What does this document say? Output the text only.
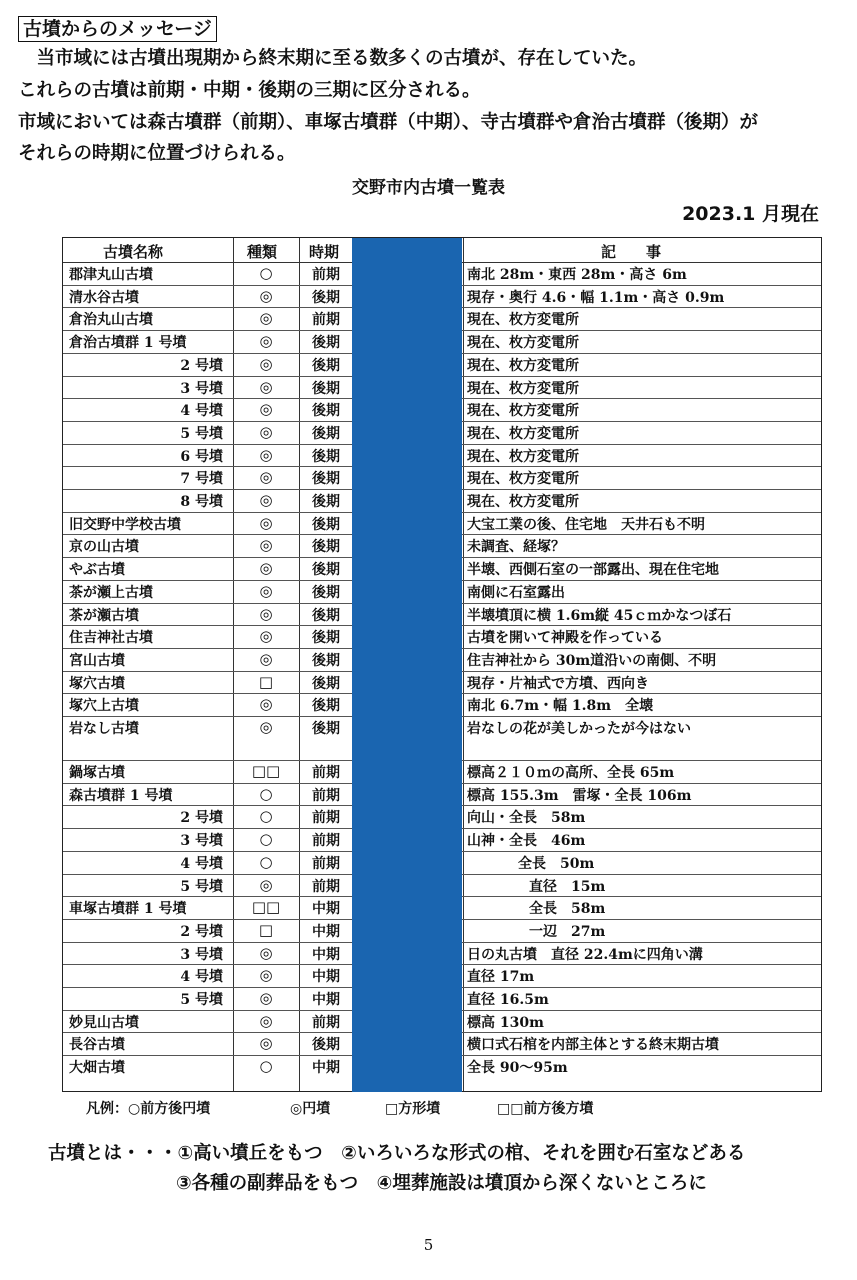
古墳からのメッセージ
　当市域には古墳出現期から終末期に至る数多くの古墳が、存在していた。
これらの古墳は前期・中期・後期の三期に区分される。
市域においては森古墳群（前期）、車塚古墳群（中期）、寺古墳群や倉治古墳群（後期）が
それらの時期に位置づけられる。
交野市内古墳一覧表
2023.1 月現在
古墳名称	種類 時期	記　　事
郡津丸山古墳	○	前期	南北 28m・東西 28m・高さ 6m
清水谷古墳	◎	後期	現存・奥行 4.6・幅 1.1m・高さ 0.9m
倉治丸山古墳	◎	前期	現在、枚方変電所
倉治古墳群 1 号墳	◎	後期	現在、枚方変電所
2 号墳	◎	後期	現在、枚方変電所
3 号墳	◎	後期	現在、枚方変電所
4 号墳	◎	後期	現在、枚方変電所
5 号墳	◎	後期	現在、枚方変電所
6 号墳	◎	後期	現在、枚方変電所
7 号墳	◎	後期	現在、枚方変電所
8 号墳	◎	後期	現在、枚方変電所
旧交野中学校古墳	◎	後期	大宝工業の後、住宅地　天井石も不明
京の山古墳	◎	後期	未調査、経塚？
やぶ古墳	◎	後期	半壊、西側石室の一部露出、現在住宅地
茶が瀬上古墳	◎	後期	南側に石室露出
茶が瀬古墳	◎	後期	半壊墳頂に横 1.6m縦 45ｃｍかなつぼ石
住吉神社古墳	◎	後期	古墳を開いて神殿を作っている
宮山古墳	◎	後期	住吉神社から 30m道沿いの南側、不明
塚穴古墳	□	後期	現存・片袖式で方墳、西向き
塚穴上古墳	◎	後期	南北 6.7m・幅 1.8m　全壊
岩なし古墳	◎	後期	岩なしの花が美しかったが今はない
鍋塚古墳	□□	前期	標高２１０ｍの高所、全長 65m
森古墳群 1 号墳	○	前期	標高 155.3m　雷塚・全長 106m
2 号墳	○	前期	向山・全長　58m
3 号墳	○	前期	山神・全長　46m
4 号墳	○	前期	全長　50m
5 号墳	◎	前期	直径　15m
車塚古墳群 1 号墳	□□	中期	全長　58m
2 号墳	□	中期	一辺　27m
3 号墳	◎	中期	日の丸古墳　直径 22.4mに四角い溝
4 号墳	◎	中期	直径 17m
5 号墳	◎	中期	直径 16.5m
妙見山古墳	◎	前期	標高 130m
長谷古墳	◎	後期	横口式石棺を内部主体とする終末期古墳
大畑古墳	○	中期	全長 90～95m
凡例：○前方後円墳	◎円墳	□方形墳	□□前方後方墳
古墳とは・・・①高い墳丘をもつ　②いろいろな形式の棺、それを囲む石室などある
③各種の副葬品をもつ　④埋葬施設は墳頂から深くないところに
5
